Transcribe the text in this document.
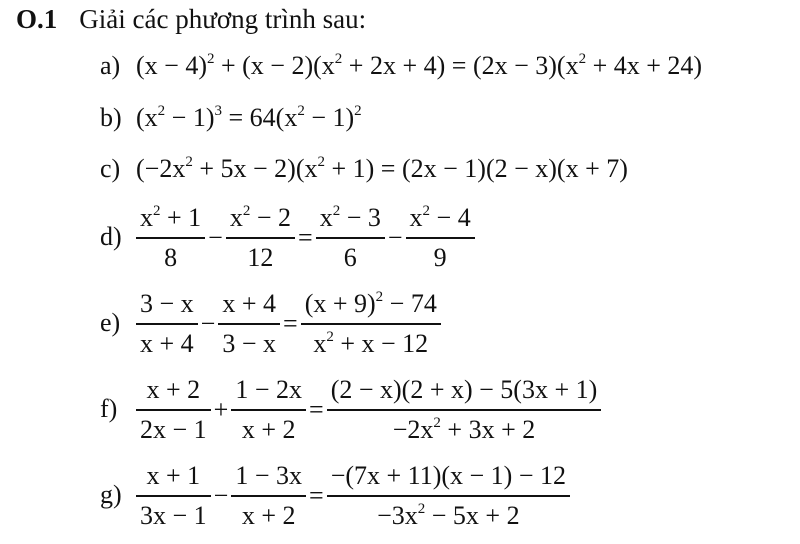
O.1 Giải các phương trình sau:
a) $(x - 4)^2 + (x - 2)(x^2 + 2x + 4) = (2x - 3)(x^2 + 4x + 24)$
b) $(x^2 - 1)^3 = 64(x^2 - 1)^2$
c) $(-2x^2 + 5x - 2)(x^2 + 1) = (2x - 1)(2 - x)(x + 7)$
$d) \frac{x^2 + 1}{8} - \frac{x^2 - 2}{12} = \frac{x^2 - 3}{6} - \frac{x^2 - 4}{9}$
$e) \frac{3 - x}{x + 4} - \frac{x + 4}{3 - x} = \frac{(x + 9)^2 - 74}{x^2 + x - 12}$
$f) \frac{x + 2}{2x - 1} + \frac{1 - 2x}{x + 2} = \frac{(2 - x)(2 + x) - 5(3x + 1)}{-2x^2 + 3x + 2}$
$g) \frac{x + 1}{3x - 1} - \frac{1 - 3x}{x + 2} = \frac{-(7x + 11)(x - 1) - 12}{-3x^2 - 5x + 2}$
